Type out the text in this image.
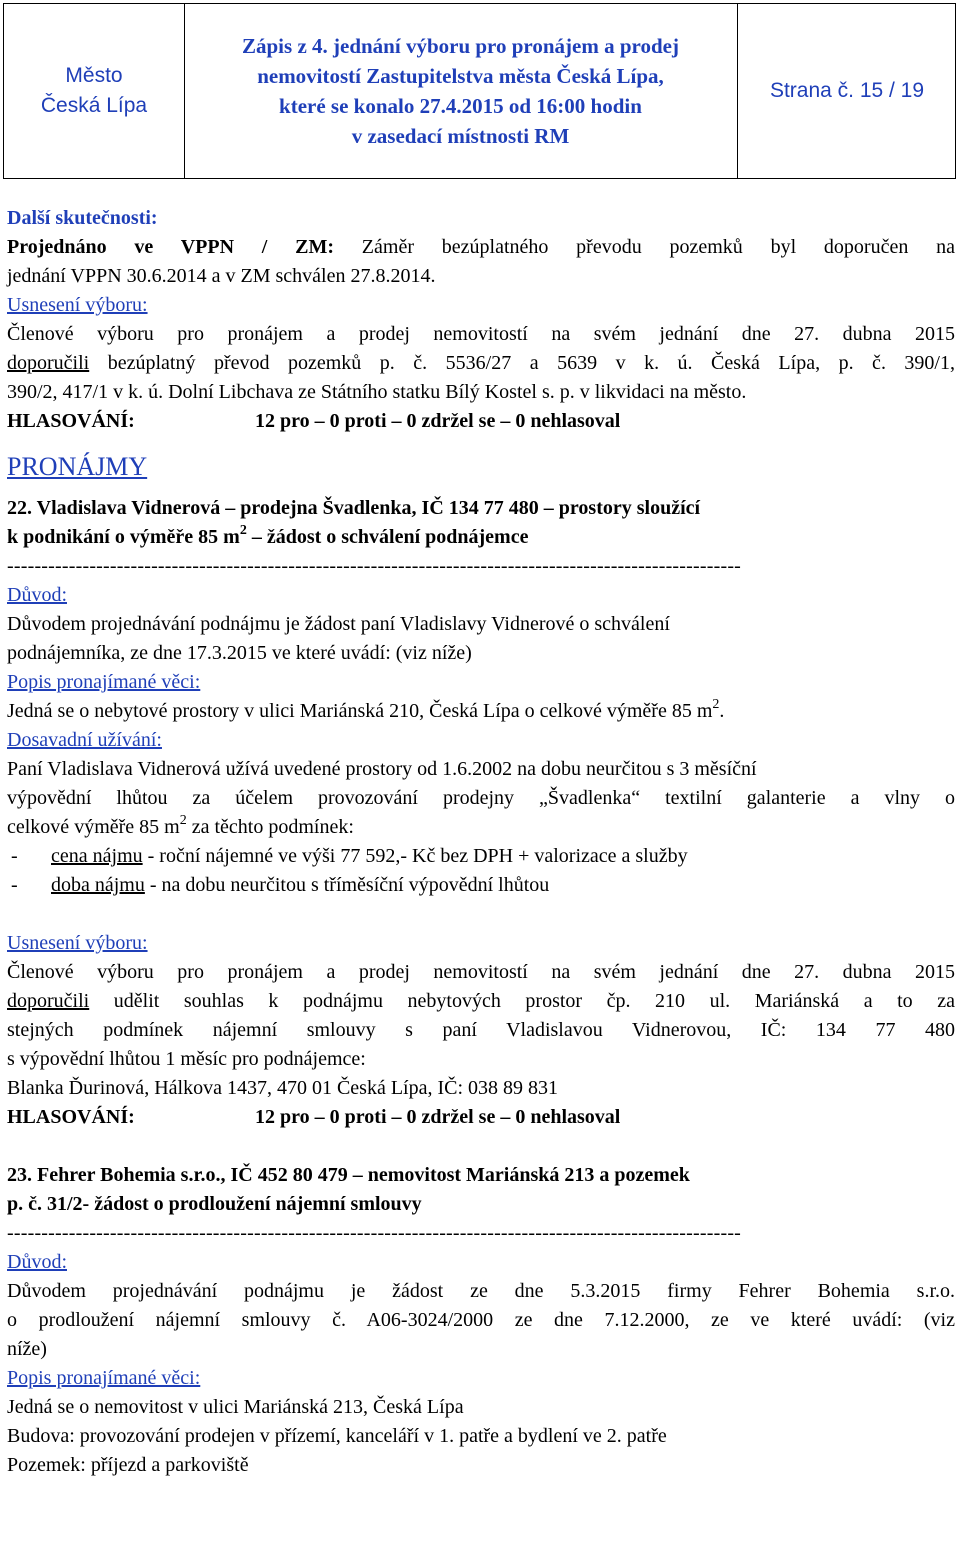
Město
Česká Lípa
Zápis z 4. jednání výboru pro pronájem a prodej
nemovitostí Zastupitelstva města Česká Lípa,
které se konalo 27.4.2015 od 16:00 hodin
v zasedací místnosti RM
Strana č. 15 / 19
Další skutečnosti:
Projednáno ve VPPN / ZM: Záměr bezúplatného převodu pozemků byl doporučen na
jednání VPPN 30.6.2014 a v ZM schválen 27.8.2014.
Usnesení výboru:
Členové výboru pro pronájem a prodej nemovitostí na svém jednání dne 27. dubna 2015
doporučili bezúplatný převod pozemků p. č. 5536/27 a 5639 v k. ú. Česká Lípa, p. č. 390/1,
390/2, 417/1 v k. ú. Dolní Libchava ze Státního statku Bílý Kostel s. p. v likvidaci na město.
HLASOVÁNÍ:	12 pro – 0 proti – 0 zdržel se – 0 nehlasoval
PRONÁJMY
22. Vladislava Vidnerová – prodejna Švadlenka, IČ 134 77 480 – prostory sloužící
k podnikání o výměře 85 $m^2$ – žádost o schválení podnájemce
-----------------------------------------------------------------------------------------------------------
Důvod:
Důvodem projednávání podnájmu je žádost paní Vladislavy Vidnerové o schválení
podnájemníka, ze dne 17.3.2015 ve které uvádí: (viz níže)
Popis pronajímané věci:
Jedná se o nebytové prostory v ulici Mariánská 210, Česká Lípa o celkové výměře 85 $m^2$.
Dosavadní užívání:
Paní Vladislava Vidnerová užívá uvedené prostory od 1.6.2002 na dobu neurčitou s 3 měsíční
výpovědní lhůtou za účelem provozování prodejny „Švadlenka“ textilní galanterie a vlny o
celkové výměře 85 $m^2$ za těchto podmínek:
- cena nájmu - roční nájemné ve výši 77 592,- Kč bez DPH + valorizace a služby
- doba nájmu - na dobu neurčitou s tříměsíční výpovědní lhůtou
Usnesení výboru:
Členové výboru pro pronájem a prodej nemovitostí na svém jednání dne 27. dubna 2015
doporučili udělit souhlas k podnájmu nebytových prostor čp. 210 ul. Mariánská a to za
stejných podmínek nájemní smlouvy s paní Vladislavou Vidnerovou, IČ: 134 77 480
s výpovědní lhůtou 1 měsíc pro podnájemce:
Blanka Ďurinová, Hálkova 1437, 470 01 Česká Lípa, IČ: 038 89 831
HLASOVÁNÍ:	12 pro – 0 proti – 0 zdržel se – 0 nehlasoval
23. Fehrer Bohemia s.r.o., IČ 452 80 479 – nemovitost Mariánská 213 a pozemek
p. č. 31/2- žádost o prodloužení nájemní smlouvy
-----------------------------------------------------------------------------------------------------------
Důvod:
Důvodem projednávání podnájmu je žádost ze dne 5.3.2015 firmy Fehrer Bohemia s.r.o.
o prodloužení nájemní smlouvy č. A06-3024/2000 ze dne 7.12.2000, ze ve které uvádí: (viz
níže)
Popis pronajímané věci:
Jedná se o nemovitost v ulici Mariánská 213, Česká Lípa
Budova: provozování prodejen v přízemí, kanceláří v 1. patře a bydlení ve 2. patře
Pozemek: příjezd a parkoviště
